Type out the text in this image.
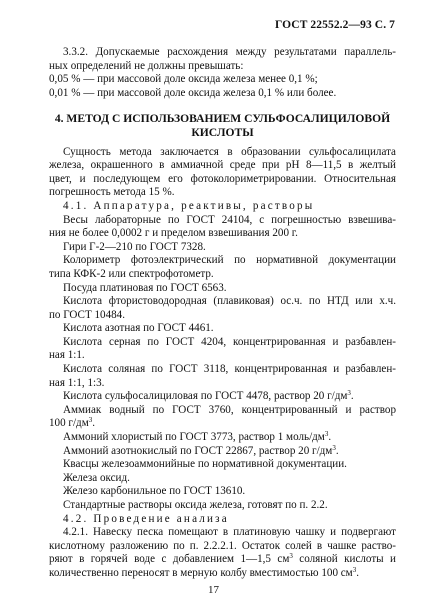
ГОСТ 22552.2—93 С. 7

3.3.2. Допускаемые расхождения между результатами параллель-

ных определений не должны превышать:

0,05 % — при массовой доле оксида железа менее 0,1 %;

0,01 % — при массовой доле оксида железа 0,1 % или более.

4. МЕТОД С ИСПОЛЬЗОВАНИЕМ СУЛЬФОСАЛИЦИЛОВОЙ
КИСЛОТЫ

Сущность метода заключается в образовании сульфосалицилата

железа, окрашенного в аммиачной среде при рН 8—11,5 в желтый

цвет, и последующем его фотоколориметрировании. Относительная

погрешность метода 15 %.

4.1. Аппаратура, реактивы, растворы

Весы лабораторные по ГОСТ 24104, с погрешностью взвешива-

ния не более 0,0002 г и пределом взвешивания 200 г.

Гири Г-2—210 по ГОСТ 7328.

Колориметр фотоэлектрический по нормативной документации

типа КФК-2 или спектрофотометр.

Посуда платиновая по ГОСТ 6563.

Кислота фтористоводородная (плавиковая) ос.ч. по НТД или х.ч.

по ГОСТ 10484.

Кислота азотная по ГОСТ 4461.

Кислота серная по ГОСТ 4204, концентрированная и разбавлен-

ная 1:1.

Кислота соляная по ГОСТ 3118, концентрированная и разбавлен-

ная 1:1, 1:3.

Кислота сульфосалициловая по ГОСТ 4478, раствор 20 $г/дм^3$.

Аммиак водный по ГОСТ 3760, концентрированный и раствор

100 $г/дм^3$.

Аммоний хлористый по ГОСТ 3773, раствор 1 моль/$дм^3$.

Аммоний азотнокислый по ГОСТ 22867, раствор 20 $г/дм^3$.

Квасцы железоаммонийные по нормативной документации.

Железа оксид.

Железо карбонильное по ГОСТ 13610.

Стандартные растворы оксида железа, готовят по п. 2.2.

4.2. Проведение анализа

4.2.1. Навеску песка помещают в платиновую чашку и подвергают

кислотному разложению по п. 2.2.2.1. Остаток солей в чашке раство-

ряют в горячей воде с добавлением 1—1,5 $см^3$ соляной кислоты и

количественно переносят в мерную колбу вместимостью 100 $см^3$.

17
